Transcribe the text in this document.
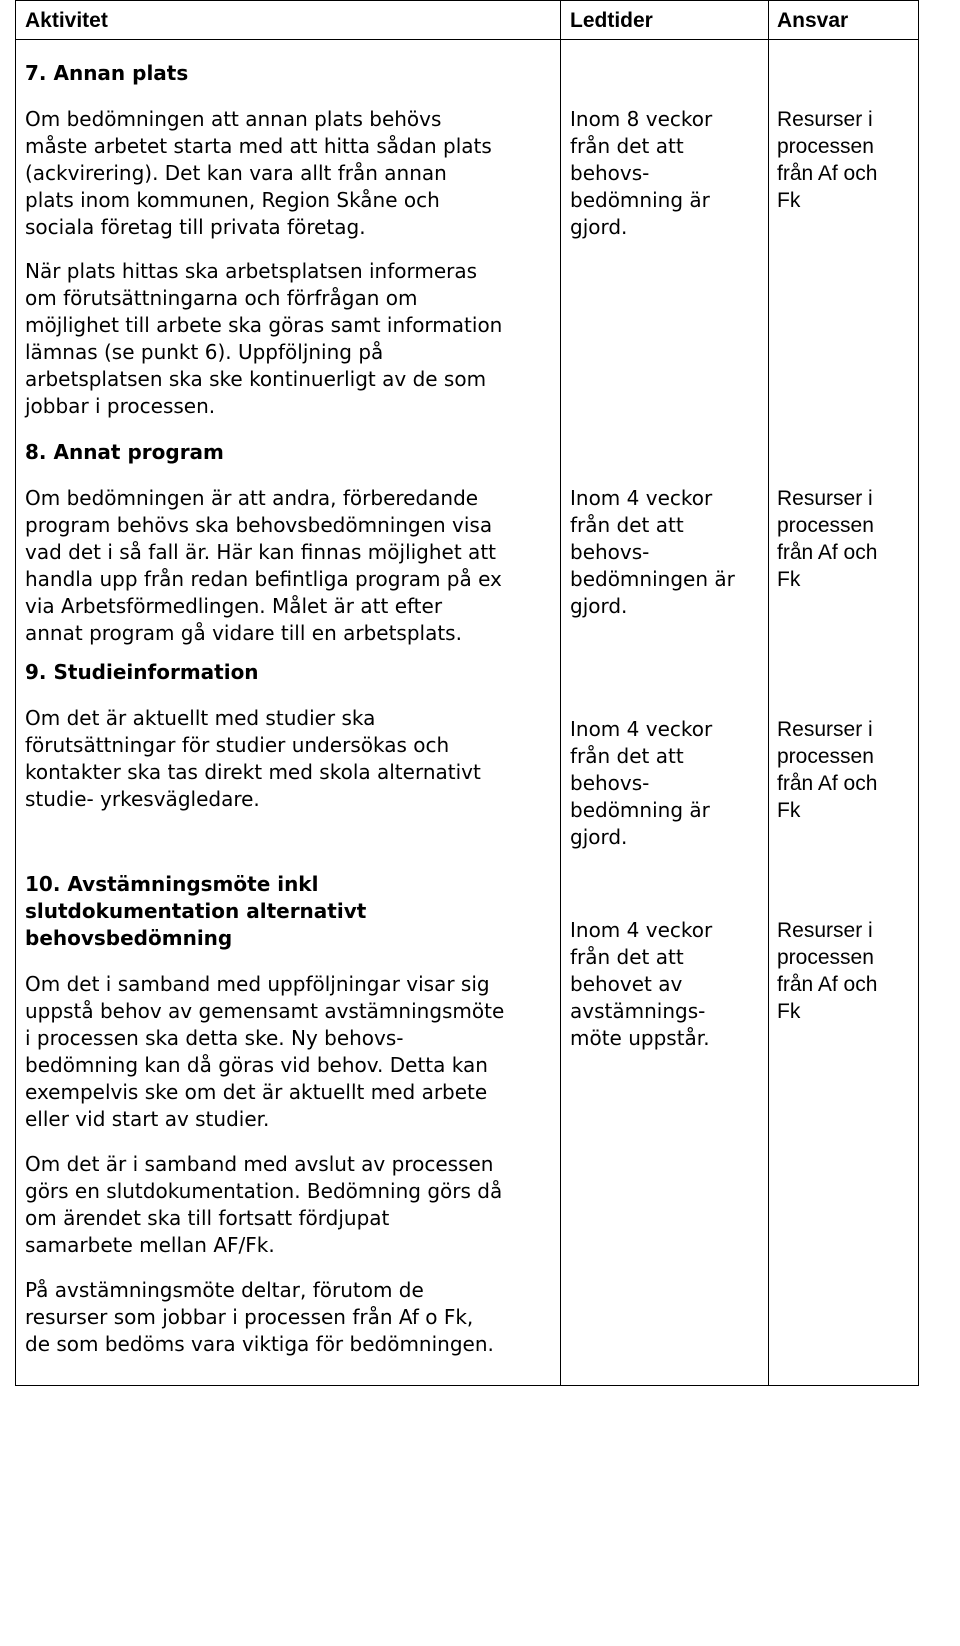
Aktivitet	Ledtider	Ansvar
7. Annan plats

Om bedömningen att annan plats behövs

måste arbetet starta med att hitta sådan plats

(ackvirering). Det kan vara allt från annan

plats inom kommunen, Region Skåne och

sociala företag till privata företag.

När plats hittas ska arbetsplatsen informeras

om förutsättningarna och förfrågan om

möjlighet till arbete ska göras samt information

lämnas (se punkt 6). Uppföljning på

arbetsplatsen ska ske kontinuerligt av de som

jobbar i processen.

Inom 8 veckor

från det att

behovs-

bedömning är

gjord.

Resurser i

processen

från Af och

Fk

8. Annat program

Om bedömningen är att andra, förberedande

program behövs ska behovsbedömningen visa

vad det i så fall är. Här kan finnas möjlighet att

handla upp från redan befintliga program på ex

via Arbetsförmedlingen. Målet är att efter

annat program gå vidare till en arbetsplats.

Inom 4 veckor

från det att

behovs-

bedömningen är

gjord.

Resurser i

processen

från Af och

Fk

9. Studieinformation

Om det är aktuellt med studier ska

förutsättningar för studier undersökas och

kontakter ska tas direkt med skola alternativt

studie- yrkesvägledare.

Inom 4 veckor

från det att

behovs-

bedömning är

gjord.

Resurser i

processen

från Af och

Fk

10. Avstämningsmöte inkl

slutdokumentation alternativt

behovsbedömning

Om det i samband med uppföljningar visar sig

uppstå behov av gemensamt avstämningsmöte

i processen ska detta ske. Ny behovs-

bedömning kan då göras vid behov. Detta kan

exempelvis ske om det är aktuellt med arbete

eller vid start av studier.

Om det är i samband med avslut av processen

görs en slutdokumentation. Bedömning görs då

om ärendet ska till fortsatt fördjupat

samarbete mellan AF/Fk.

På avstämningsmöte deltar, förutom de

resurser som jobbar i processen från Af o Fk,

de som bedöms vara viktiga för bedömningen.

Inom 4 veckor

från det att

behovet av

avstämnings-

möte uppstår.

Resurser i

processen

från Af och

Fk
